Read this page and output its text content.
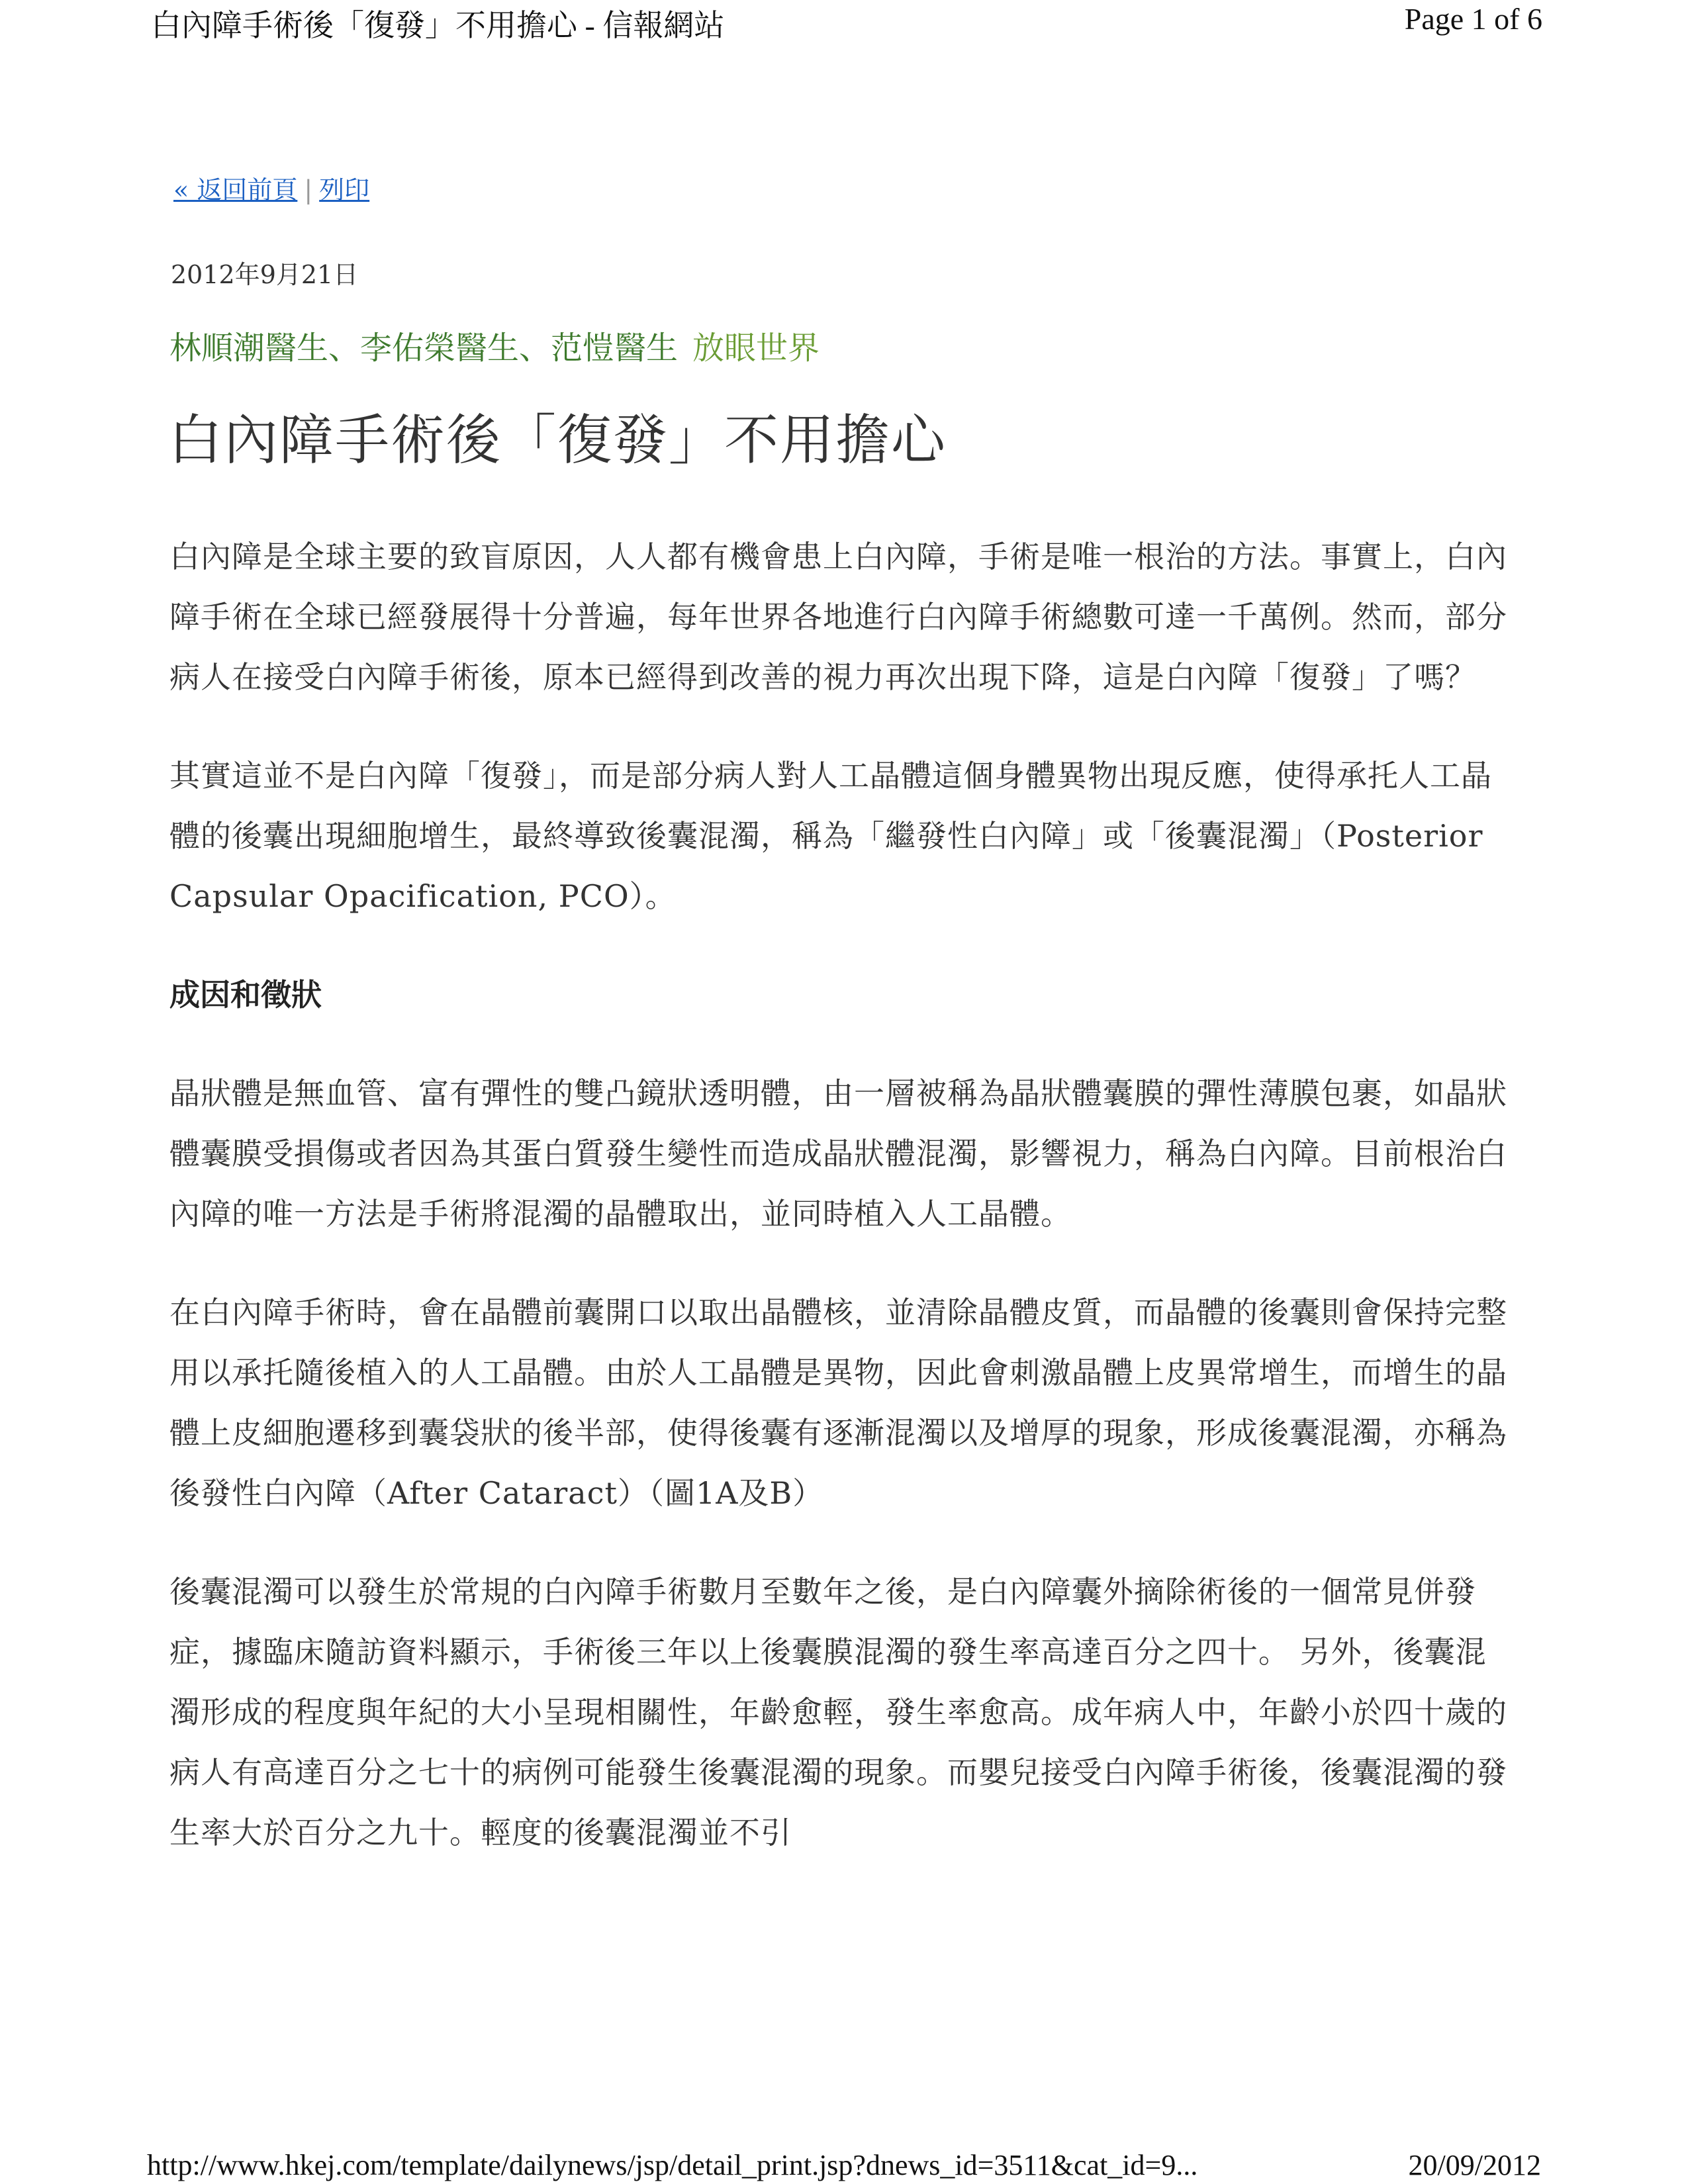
白內障手術後「復發」不用擔心 - 信報網站	Page 1 of 6
« 返回前頁 | 列印
2012年9月21日
林順潮醫生、李佑榮醫生、范愷醫生 放眼世界
白內障手術後「復發」不用擔心

白內障是全球主要的致盲原因，人人都有機會患上白內障，手術是唯一根治的方法。事實上，白內障手術在全球已經發展得十分普遍，每年世界各地進行白內障手術總數可達一千萬例。然而，部分病人在接受白內障手術後，原本已經得到改善的視力再次出現下降，這是白內障「復發」了嗎？

其實這並不是白內障「復發」，而是部分病人對人工晶體這個身體異物出現反應，使得承托人工晶體的後囊出現細胞增生，最終導致後囊混濁，稱為「繼發性白內障」或「後囊混濁」（Posterior Capsular Opacification, PCO）。

成因和徵狀

晶狀體是無血管、富有彈性的雙凸鏡狀透明體，由一層被稱為晶狀體囊膜的彈性薄膜包裹，如晶狀體囊膜受損傷或者因為其蛋白質發生變性而造成晶狀體混濁，影響視力，稱為白內障。目前根治白內障的唯一方法是手術將混濁的晶體取出，並同時植入人工晶體。

在白內障手術時，會在晶體前囊開口以取出晶體核，並清除晶體皮質，而晶體的後囊則會保持完整用以承托隨後植入的人工晶體。由於人工晶體是異物，因此會刺激晶體上皮異常增生，而增生的晶體上皮細胞遷移到囊袋狀的後半部，使得後囊有逐漸混濁以及增厚的現象，形成後囊混濁，亦稱為後發性白內障（After Cataract）（圖1A及B）

後囊混濁可以發生於常規的白內障手術數月至數年之後，是白內障囊外摘除術後的一個常見併發症，據臨床隨訪資料顯示，手術後三年以上後囊膜混濁的發生率高達百分之四十。 另外，後囊混濁形成的程度與年紀的大小呈現相關性，年齡愈輕，發生率愈高。成年病人中，年齡小於四十歲的病人有高達百分之七十的病例可能發生後囊混濁的現象。而嬰兒接受白內障手術後，後囊混濁的發生率大於百分之九十。輕度的後囊混濁並不引

http://www.hkej.com/template/dailynews/jsp/detail_print.jsp?dnews_id=3511&cat_id=9...	20/09/2012
